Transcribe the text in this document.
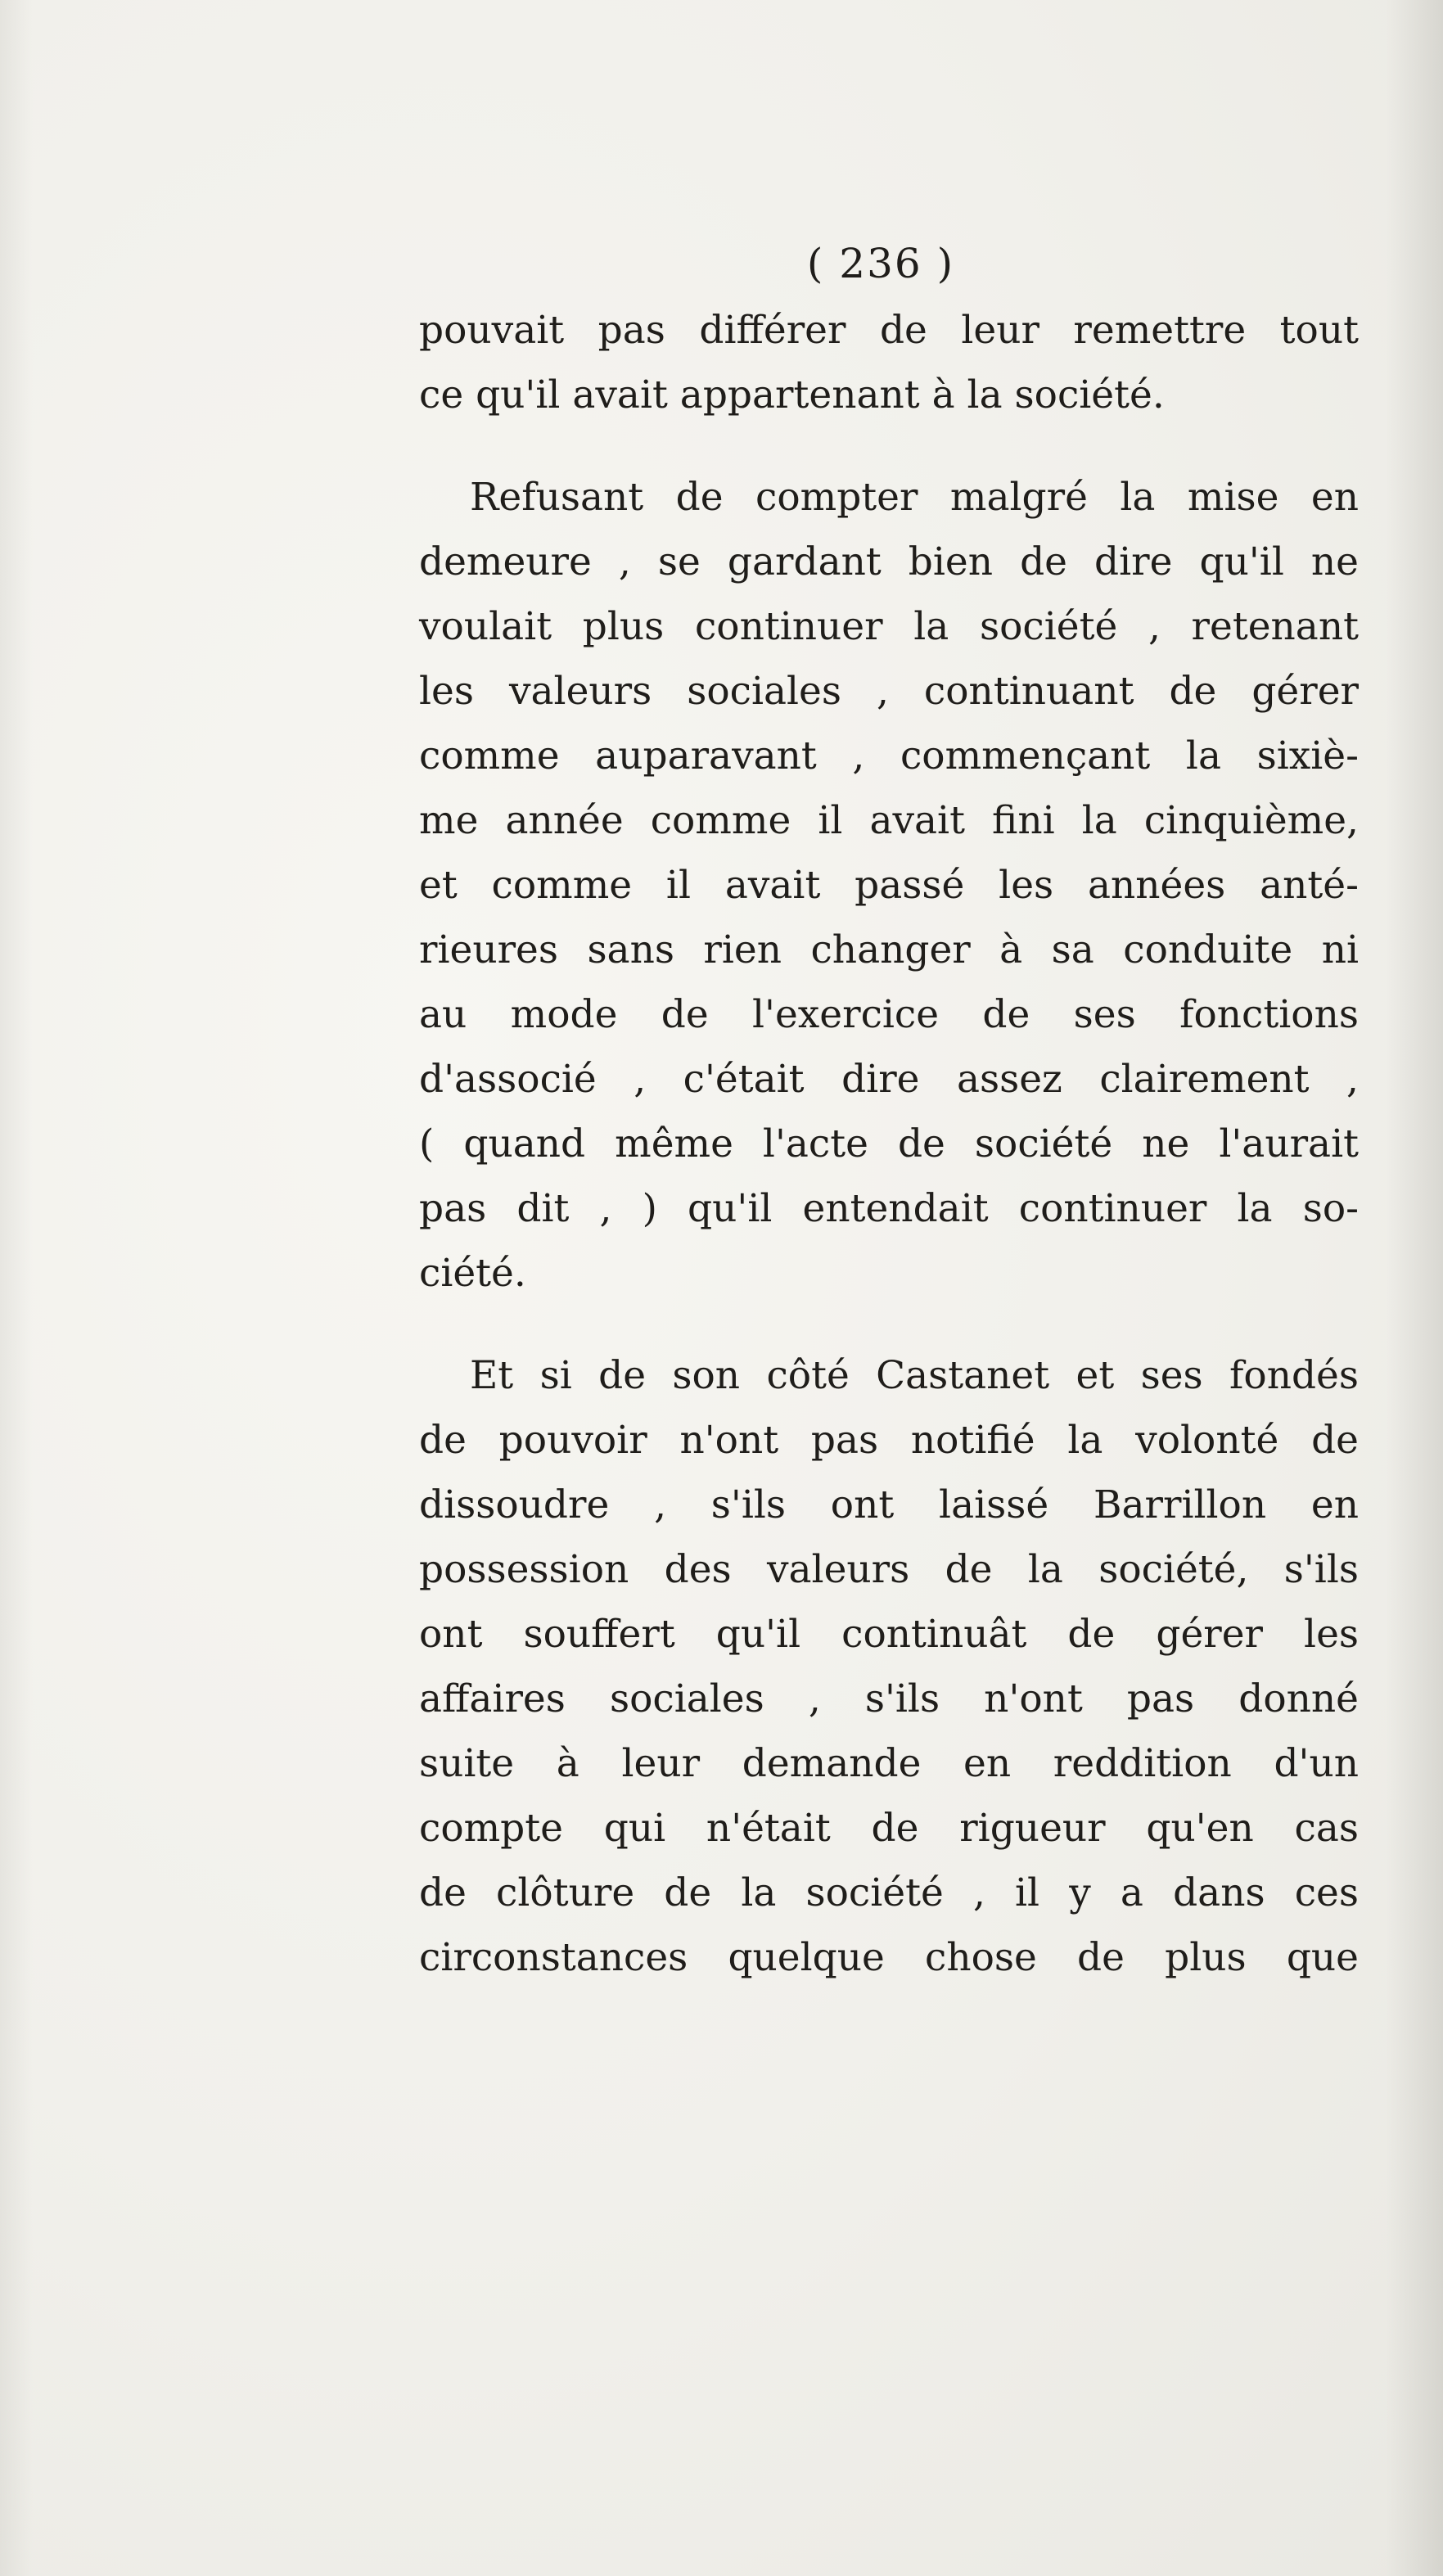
( 236 )
pouvait pas différer de leur remettre tout
ce qu'il avait appartenant à la société.
Refusant de compter malgré la mise en
demeure , se gardant bien de dire qu'il ne
voulait plus continuer la société , retenant
les valeurs sociales , continuant de gérer
comme auparavant , commençant la sixiè-
me année comme il avait fini la cinquième,
et comme il avait passé les années anté-
rieures sans rien changer à sa conduite ni
au mode de l'exercice de ses fonctions
d'associé , c'était dire assez clairement ,
( quand même l'acte de société ne l'aurait
pas dit , ) qu'il entendait continuer la so-
ciété.
Et si de son côté Castanet et ses fondés
de pouvoir n'ont pas notifié la volonté de
dissoudre , s'ils ont laissé Barrillon en
possession des valeurs de la société, s'ils
ont souffert qu'il continuât de gérer les
affaires sociales , s'ils n'ont pas donné
suite à leur demande en reddition d'un
compte qui n'était de rigueur qu'en cas
de clôture de la société , il y a dans ces
circonstances quelque chose de plus que
